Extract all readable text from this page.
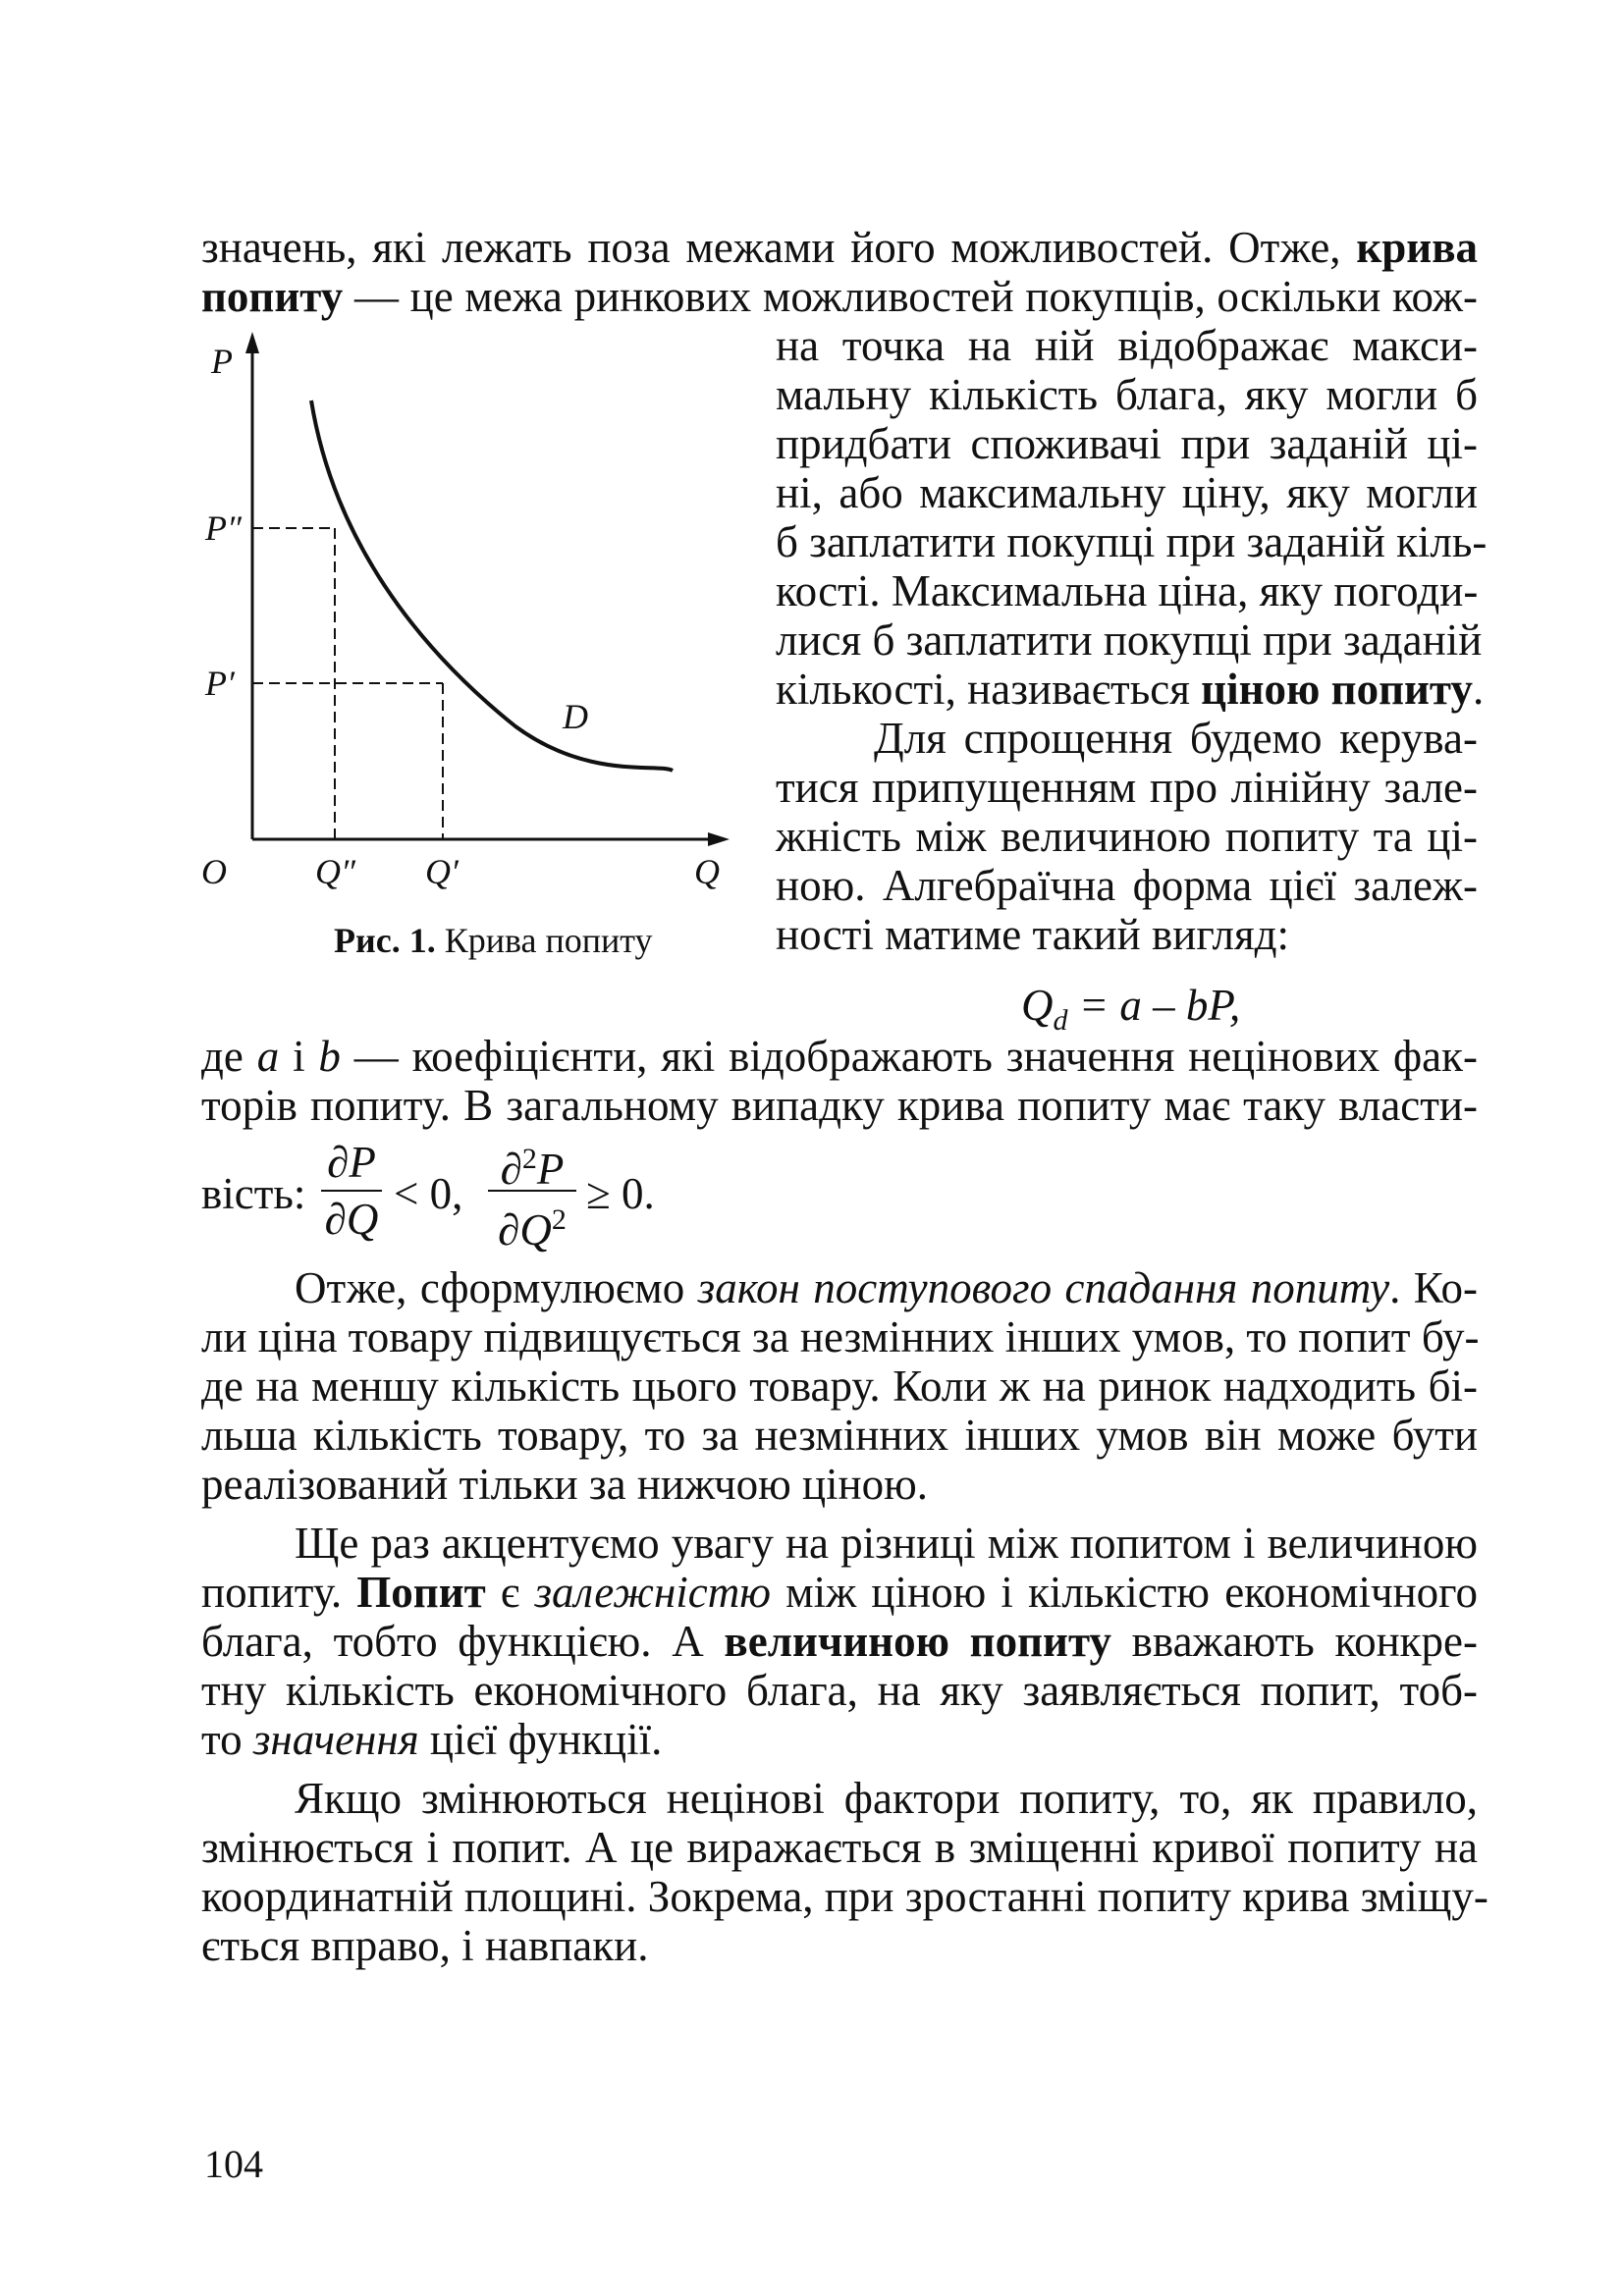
значень, які лежать поза межами його можливостей. Отже, крива
попиту — це межа ринкових можливостей покупців, оскільки кож-
на точка на ній відображає макси-
мальну кількість блага, яку могли б
придбати споживачі при заданій ці-
ні, або максимальну ціну, яку могли
б заплатити покупці при заданій кіль-
кості. Максимальна ціна, яку погоди-
лися б заплатити покупці при заданій
кількості, називається ціною попиту.
Для спрощення будемо керува-
тися припущенням про лінійну зале-
жність між величиною попиту та ці-
ною. Алгебраїчна форма цієї залеж-
ності матиме такий вигляд:
$Q_d = a$ – bP,
де a і b — коефіцієнти, які відображають значення нецінових фак-
торів попиту. В загальному випадку крива попиту має таку власти-
вість:
∂P
∂Q
< 0, ∂$^2$P
$\partial Q^2$
≥ 0.
Отже, сформулюємо закон поступового спадання попиту. Ко-
ли ціна товару підвищується за незмінних інших умов, то попит бу-
де на меншу кількість цього товару. Коли ж на ринок надходить бі-
льша кількість товару, то за незмінних інших умов він може бути
реалізований тільки за нижчою ціною.
Ще раз акцентуємо увагу на різниці між попитом і величиною
попиту. Попит є залежністю між ціною і кількістю економічного
блага, тобто функцією. А величиною попиту вважають конкре-
тну кількість економічного блага, на яку заявляється попит, тоб-
то значення цієї функції.
Якщо змінюються нецінові фактори попиту, то, як правило,
змінюється і попит. А це виражається в зміщенні кривої попиту на
координатній площині. Зокрема, при зростанні попиту крива зміщу-
ється вправо, і навпаки.
P
P″
P′
O	Q″ Q′	Q
D
Рис. 1. Крива попиту
104
